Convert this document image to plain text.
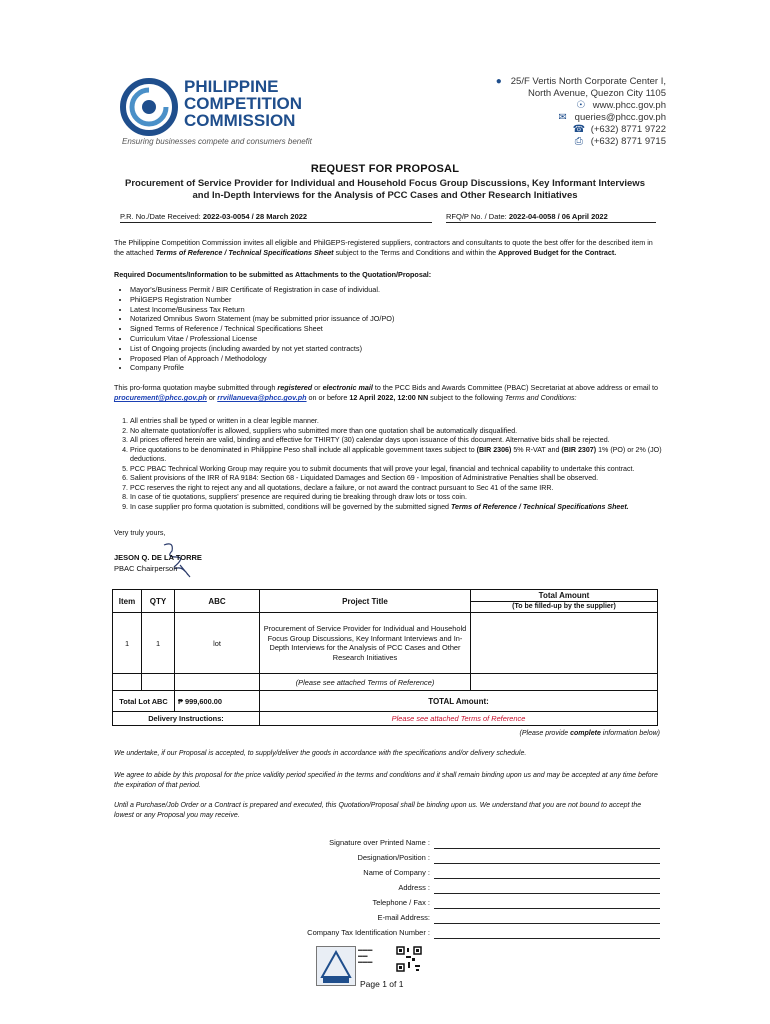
PHILIPPINE
COMPETITION
COMMISSION
Ensuring businesses compete and consumers benefit
● 25/F Vertis North Corporate Center I,
North Avenue, Quezon City 1105
☉ www.phcc.gov.ph
✉ queries@phcc.gov.ph
☎ (+632) 8771 9722
⎙ (+632) 8771 9715
REQUEST FOR PROPOSAL
Procurement of Service Provider for Individual and Household Focus Group Discussions, Key Informant Interviews and In-Depth Interviews for the Analysis of PCC Cases and Other Research Initiatives
P.R. No./Date Received: 2022-03-0054 / 28 March 2022	RFQ/P No. / Date: 2022-04-0058 / 06 April 2022
The Philippine Competition Commission invites all eligible and PhilGEPS-registered suppliers, contractors and consultants to quote the best offer for the described item in the attached Terms of Reference / Technical Specifications Sheet subject to the Terms and Conditions and within the Approved Budget for the Contract.
Required Documents/Information to be submitted as Attachments to the Quotation/Proposal:
• Mayor's/Business Permit / BIR Certificate of Registration in case of individual.
• PhilGEPS Registration Number
• Latest Income/Business Tax Return
• Notarized Omnibus Sworn Statement (may be submitted prior issuance of JO/PO)
• Signed Terms of Reference / Technical Specifications Sheet
• Curriculum Vitae / Professional License
• List of Ongoing projects (including awarded by not yet started contracts)
• Proposed Plan of Approach / Methodology
• Company Profile
This pro-forma quotation maybe submitted through registered or electronic mail to the PCC Bids and Awards Committee (PBAC) Secretariat at above address or email to procurement@phcc.gov.ph or rrvillanueva@phcc.gov.ph on or before 12 April 2022, 12:00 NN subject to the following Terms and Conditions:
1. All entries shall be typed or written in a clear legible manner.
2. No alternate quotation/offer is allowed, suppliers who submitted more than one quotation shall be automatically disqualified.
3. All prices offered herein are valid, binding and effective for THIRTY (30) calendar days upon issuance of this document. Alternative bids shall be rejected.
4. Price quotations to be denominated in Philippine Peso shall include all applicable government taxes subject to (BIR 2306) 5% R-VAT and (BIR 2307) 1% (PO) or 2% (JO) deductions.
5. PCC PBAC Technical Working Group may require you to submit documents that will prove your legal, financial and technical capability to undertake this contract.
6. Salient provisions of the IRR of RA 9184: Section 68 - Liquidated Damages and Section 69 - Imposition of Administrative Penalties shall be observed.
7. PCC reserves the right to reject any and all quotations, declare a failure, or not award the contract pursuant to Sec 41 of the same IRR.
8. In case of tie quotations, suppliers' presence are required during tie breaking through draw lots or toss coin.
9. In case supplier pro forma quotation is submitted, conditions will be governed by the submitted signed Terms of Reference / Technical Specifications Sheet.
Very truly yours,
JESON Q. DE LA TORRE
PBAC Chairperson
Item	QTY	ABC	Project Title	Total Amount
				(To be filled-up by the supplier)
1	1	lot	Procurement of Service Provider for Individual and Household Focus Group Discussions, Key Informant Interviews and In-Depth Interviews for the Analysis of PCC Cases and Other Research Initiatives	
			(Please see attached Terms of Reference)	
Total Lot ABC		₱ 999,600.00	TOTAL Amount:	
Delivery Instructions:			Please see attached Terms of Reference	
(Please provide complete information below)
We undertake, if our Proposal is accepted, to supply/deliver the goods in accordance with the specifications and/or delivery schedule.
We agree to abide by this proposal for the price validity period specified in the terms and conditions and it shall remain binding upon us and may be accepted at any time before the expiration of that period.
Until a Purchase/Job Order or a Contract is prepared and executed, this Quotation/Proposal shall be binding upon us. We understand that you are not bound to accept the lowest or any Proposal you may receive.
Signature over Printed Name :
Designation/Position :
Name of Company :
Address :
Telephone / Fax :
E-mail Address:
Company Tax Identification Number :
▬▬▬
▬▬
▬▬▬
Page 1 of 1
